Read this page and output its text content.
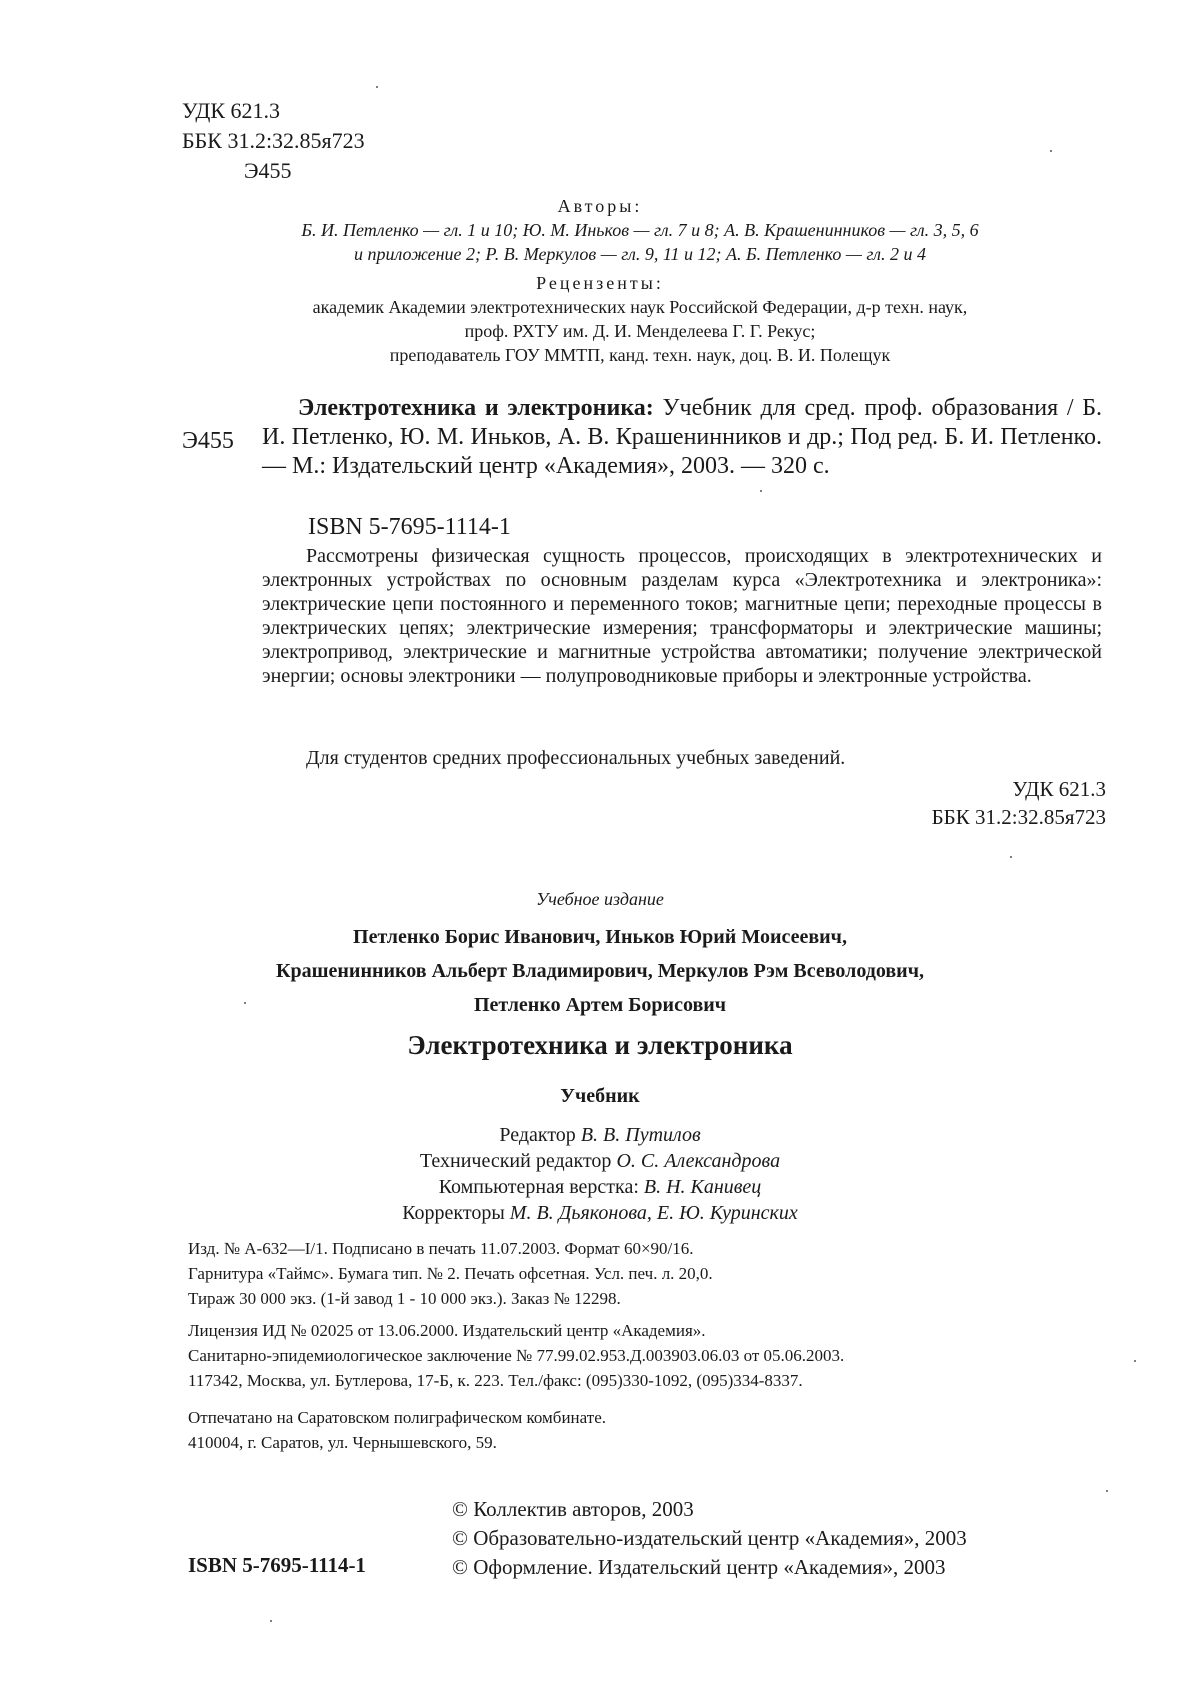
УДК 621.3
ББК 31.2:32.85я723
Э455
Авторы:
Б. И. Петленко — гл. 1 и 10; Ю. М. Иньков — гл. 7 и 8; А. В. Крашенинников — гл. 3, 5, 6
и приложение 2; Р. В. Меркулов — гл. 9, 11 и 12; А. Б. Петленко — гл. 2 и 4
Рецензенты:
академик Академии электротехнических наук Российской Федерации, д-р техн. наук,
проф. РХТУ им. Д. И. Менделеева Г. Г. Рекус;
преподаватель ГОУ ММТП, канд. техн. наук, доц. В. И. Полещук
Э455
Электротехника и электроника: Учебник для сред. проф. образования / Б. И. Петленко, Ю. М. Иньков, А. В. Крашенинников и др.; Под ред. Б. И. Петленко. — М.: Издательский центр «Академия», 2003. — 320 с.
ISBN 5-7695-1114-1
Рассмотрены физическая сущность процессов, происходящих в электротехнических и электронных устройствах по основным разделам курса «Электротехника и электроника»: электрические цепи постоянного и переменного токов; магнитные цепи; переходные процессы в электрических цепях; электрические измерения; трансформаторы и электрические машины; электропривод, электрические и магнитные устройства автоматики; получение электрической энергии; основы электроники — полупроводниковые приборы и электронные устройства.
Для студентов средних профессиональных учебных заведений.
УДК 621.3
ББК 31.2:32.85я723
Учебное издание
Петленко Борис Иванович, Иньков Юрий Моисеевич,
Крашенинников Альберт Владимирович, Меркулов Рэм Всеволодович,
Петленко Артем Борисович
Электротехника и электроника
Учебник
Редактор В. В. Путилов
Технический редактор О. С. Александрова
Компьютерная верстка: В. Н. Канивец
Корректоры М. В. Дьяконова, Е. Ю. Куринских
Изд. № А-632—I/1. Подписано в печать 11.07.2003. Формат 60×90/16.
Гарнитура «Таймс». Бумага тип. № 2. Печать офсетная. Усл. печ. л. 20,0.
Тираж 30 000 экз. (1-й завод 1 - 10 000 экз.). Заказ № 12298.
Лицензия ИД № 02025 от 13.06.2000. Издательский центр «Академия».
Санитарно-эпидемиологическое заключение № 77.99.02.953.Д.003903.06.03 от 05.06.2003.
117342, Москва, ул. Бутлерова, 17-Б, к. 223. Тел./факс: (095)330-1092, (095)334-8337.
Отпечатано на Саратовском полиграфическом комбинате.
410004, г. Саратов, ул. Чернышевского, 59.
© Коллектив авторов, 2003
© Образовательно-издательский центр «Академия», 2003
© Оформление. Издательский центр «Академия», 2003
ISBN 5-7695-1114-1
